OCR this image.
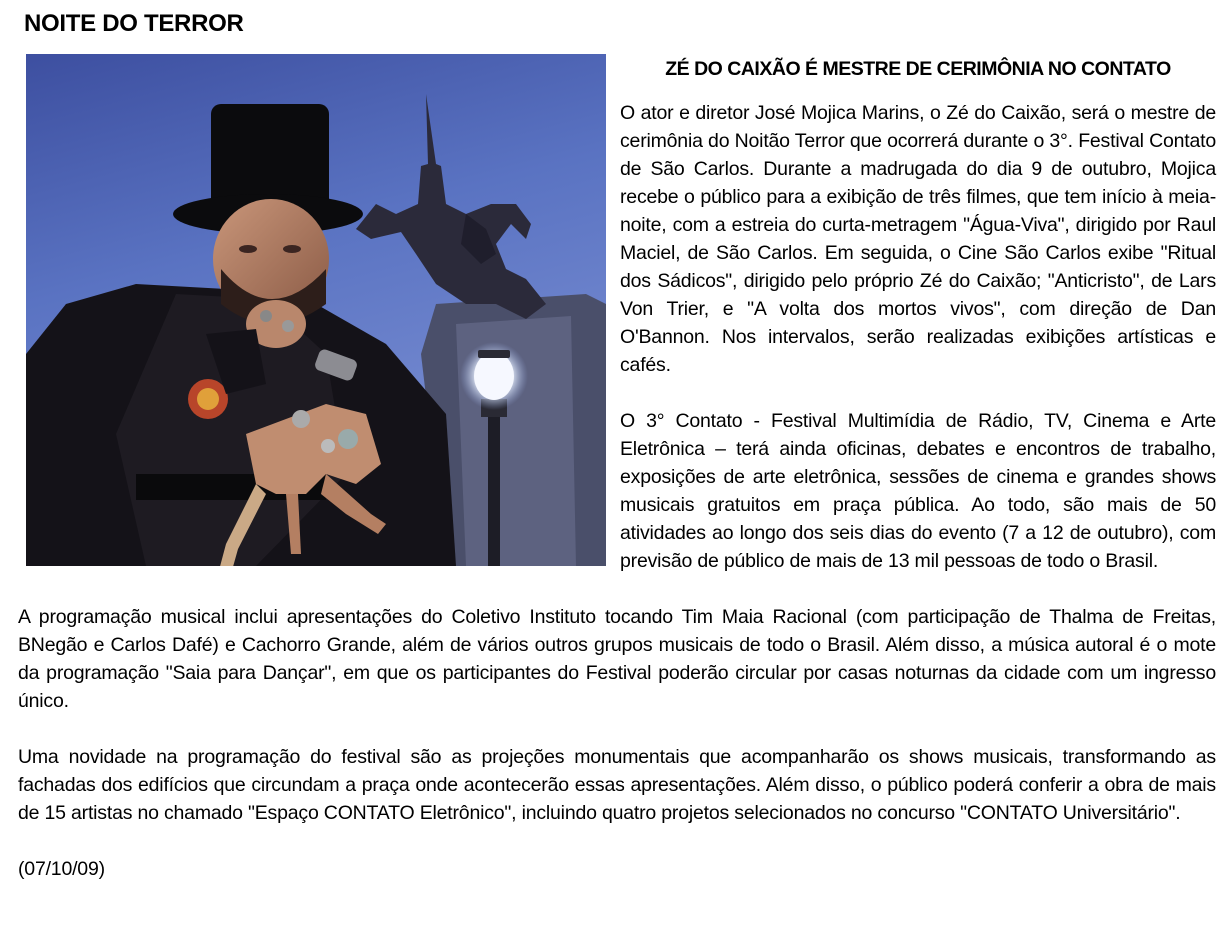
NOITE DO TERROR
ZÉ DO CAIXÃO É MESTRE DE CERIMÔNIA NO CONTATO

O ator e diretor José Mojica Marins, o Zé do Caixão, será o mestre de cerimônia do Noitão Terror que ocorrerá durante o 3°. Festival Contato de São Carlos. Durante a madrugada do dia 9 de outubro, Mojica recebe o público para a exibição de três filmes, que tem início à meia-noite, com a estreia do curta-metragem "Água-Viva", dirigido por Raul Maciel, de São Carlos. Em seguida, o Cine São Carlos exibe "Ritual dos Sádicos", dirigido pelo próprio Zé do Caixão; "Anticristo", de Lars Von Trier, e "A volta dos mortos vivos", com direção de Dan O'Bannon. Nos intervalos, serão realizadas exibições artísticas e cafés.

O 3° Contato - Festival Multimídia de Rádio, TV, Cinema e Arte Eletrônica – terá ainda oficinas, debates e encontros de trabalho, exposições de arte eletrônica, sessões de cinema e grandes shows musicais gratuitos em praça pública. Ao todo, são mais de 50 atividades ao longo dos seis dias do evento (7 a 12 de outubro), com previsão de público de mais de 13 mil pessoas de todo o Brasil.

A programação musical inclui apresentações do Coletivo Instituto tocando Tim Maia Racional (com participação de Thalma de Freitas, BNegão e Carlos Dafé) e Cachorro Grande, além de vários outros grupos musicais de todo o Brasil. Além disso, a música autoral é o mote da programação "Saia para Dançar", em que os participantes do Festival poderão circular por casas noturnas da cidade com um ingresso único.

Uma novidade na programação do festival são as projeções monumentais que acompanharão os shows musicais, transformando as fachadas dos edifícios que circundam a praça onde acontecerão essas apresentações. Além disso, o público poderá conferir a obra de mais de 15 artistas no chamado "Espaço CONTATO Eletrônico", incluindo quatro projetos selecionados no concurso "CONTATO Universitário".

(07/10/09)
